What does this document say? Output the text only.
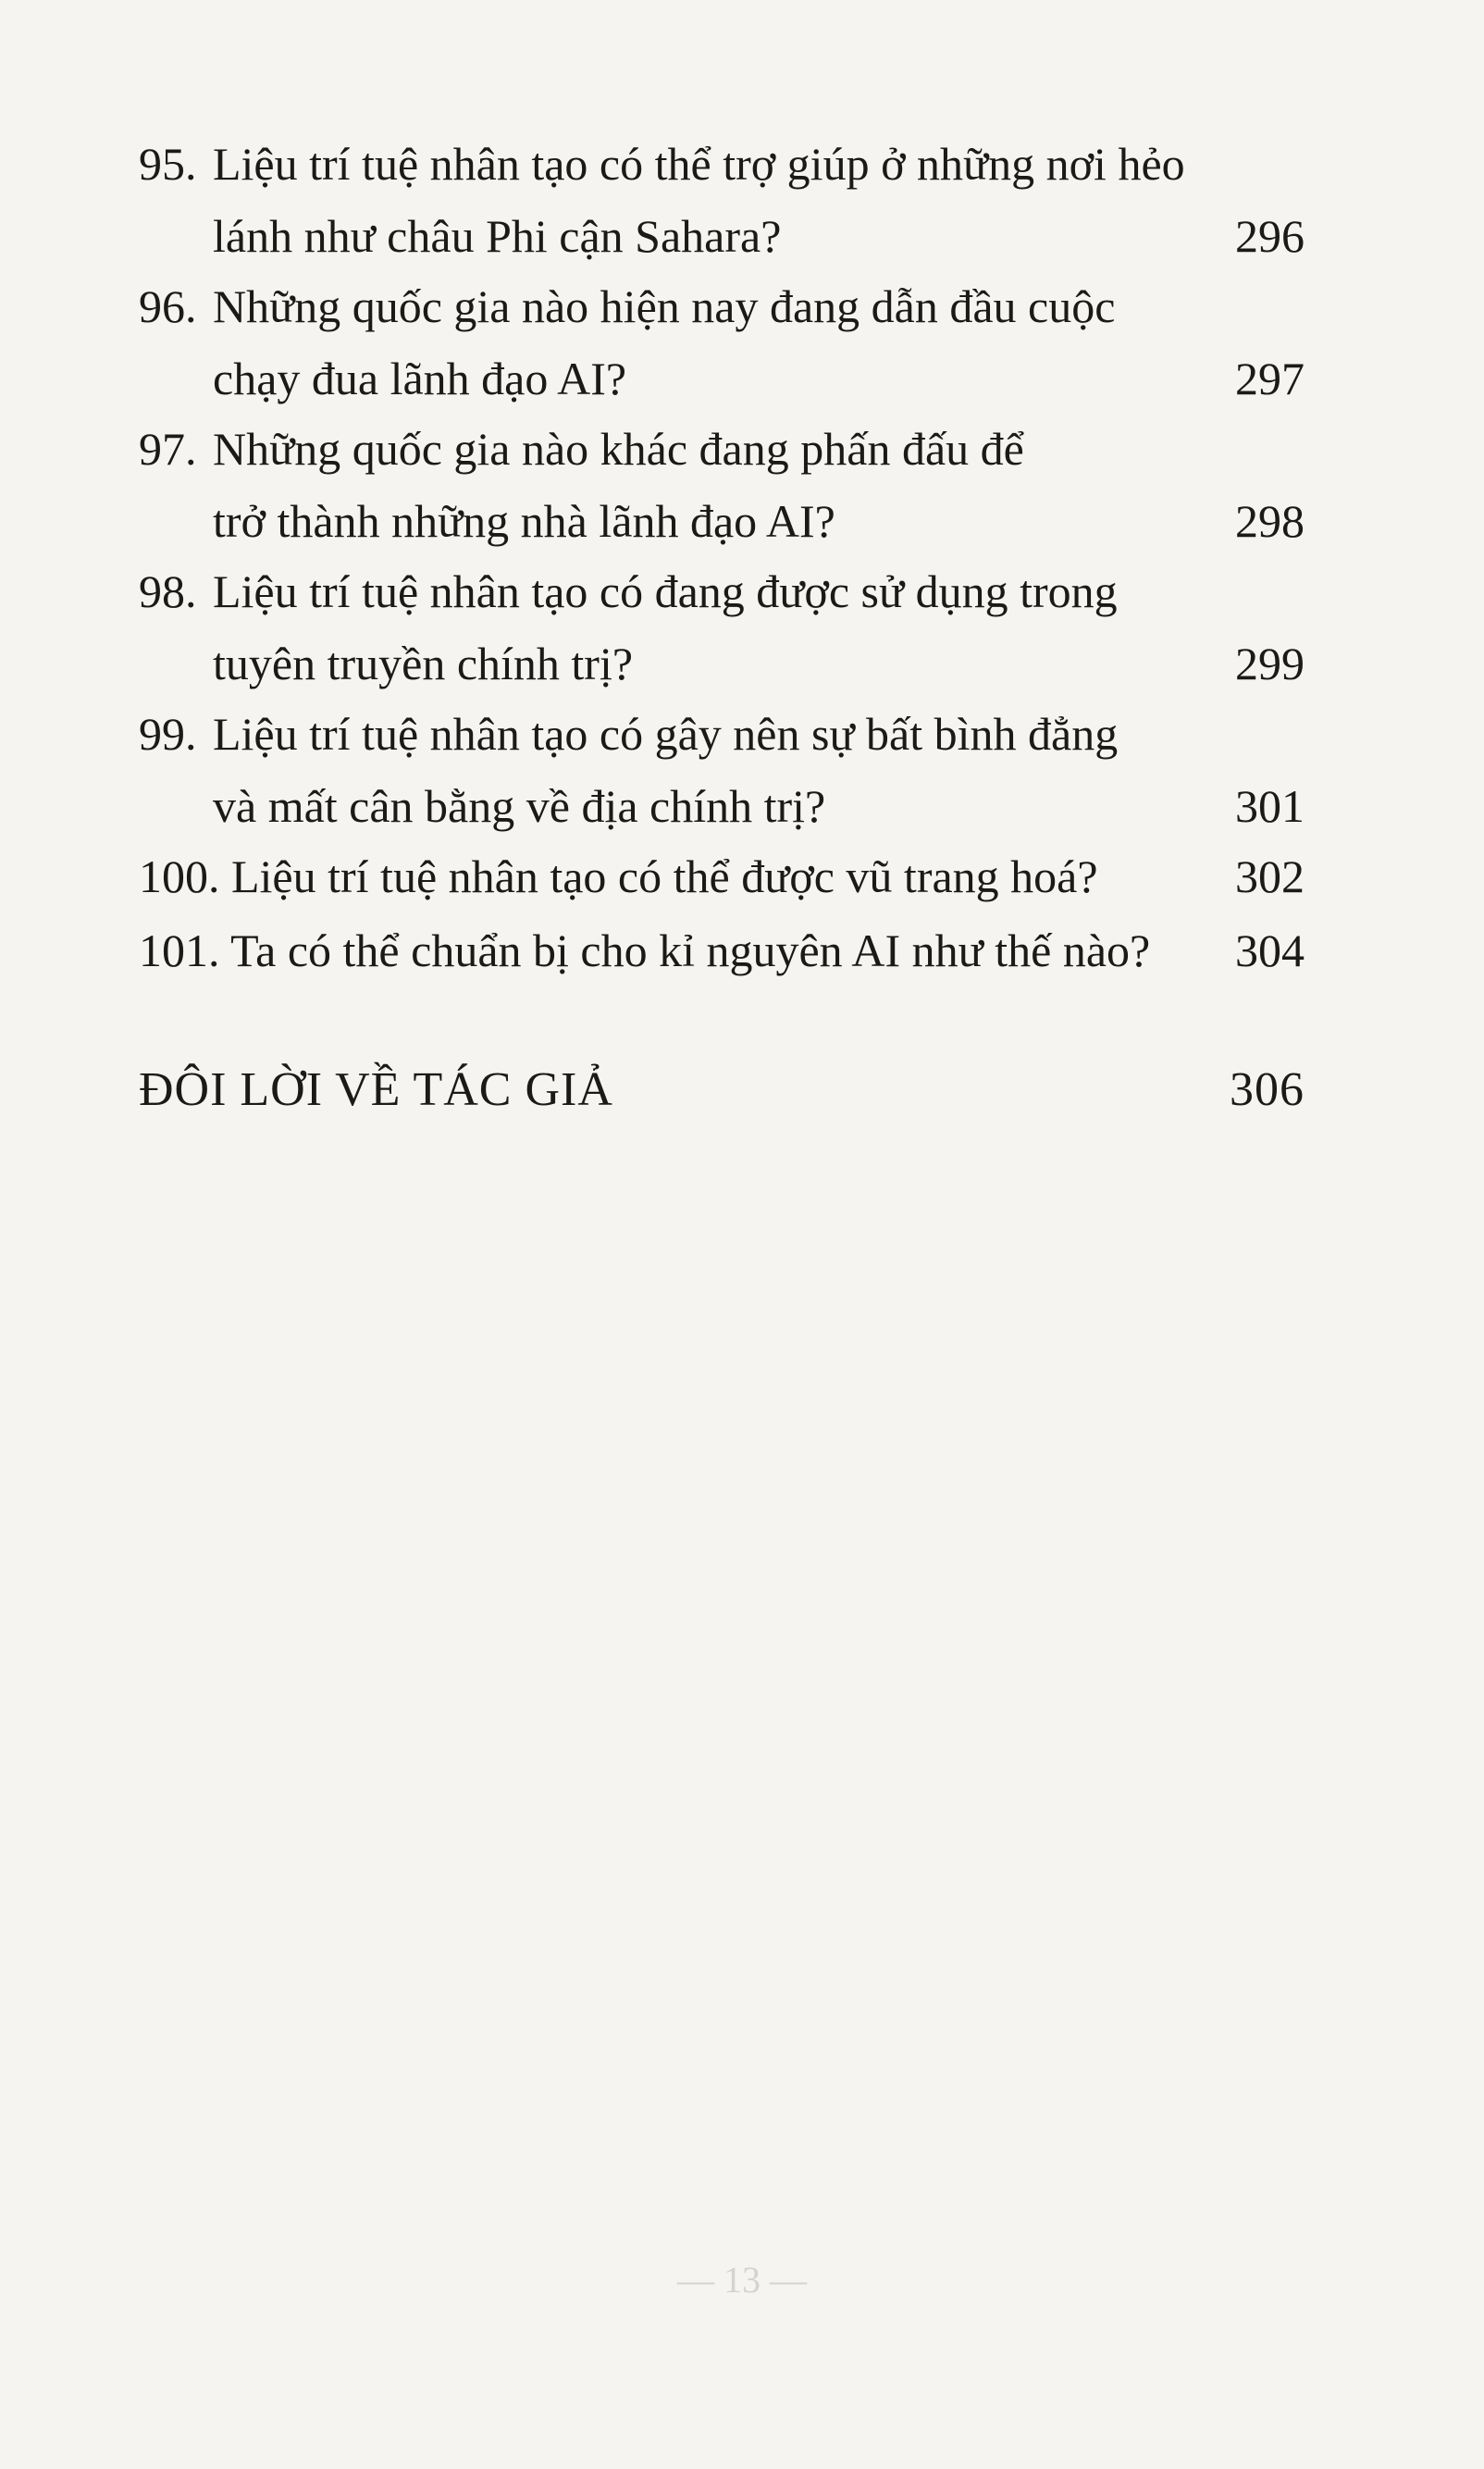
95. Liệu trí tuệ nhân tạo có thể trợ giúp ở những nơi hẻo
lánh như châu Phi cận Sahara?	296
96. Những quốc gia nào hiện nay đang dẫn đầu cuộc
chạy đua lãnh đạo AI?	297
97. Những quốc gia nào khác đang phấn đấu để
trở thành những nhà lãnh đạo AI?	298
98. Liệu trí tuệ nhân tạo có đang được sử dụng trong
tuyên truyền chính trị?	299
99. Liệu trí tuệ nhân tạo có gây nên sự bất bình đẳng
và mất cân bằng về địa chính trị?	301
100. Liệu trí tuệ nhân tạo có thể được vũ trang hoá?	302
101. Ta có thể chuẩn bị cho kỉ nguyên AI như thế nào? 304
ĐÔI LỜI VỀ TÁC GIẢ	306
— 13 —
